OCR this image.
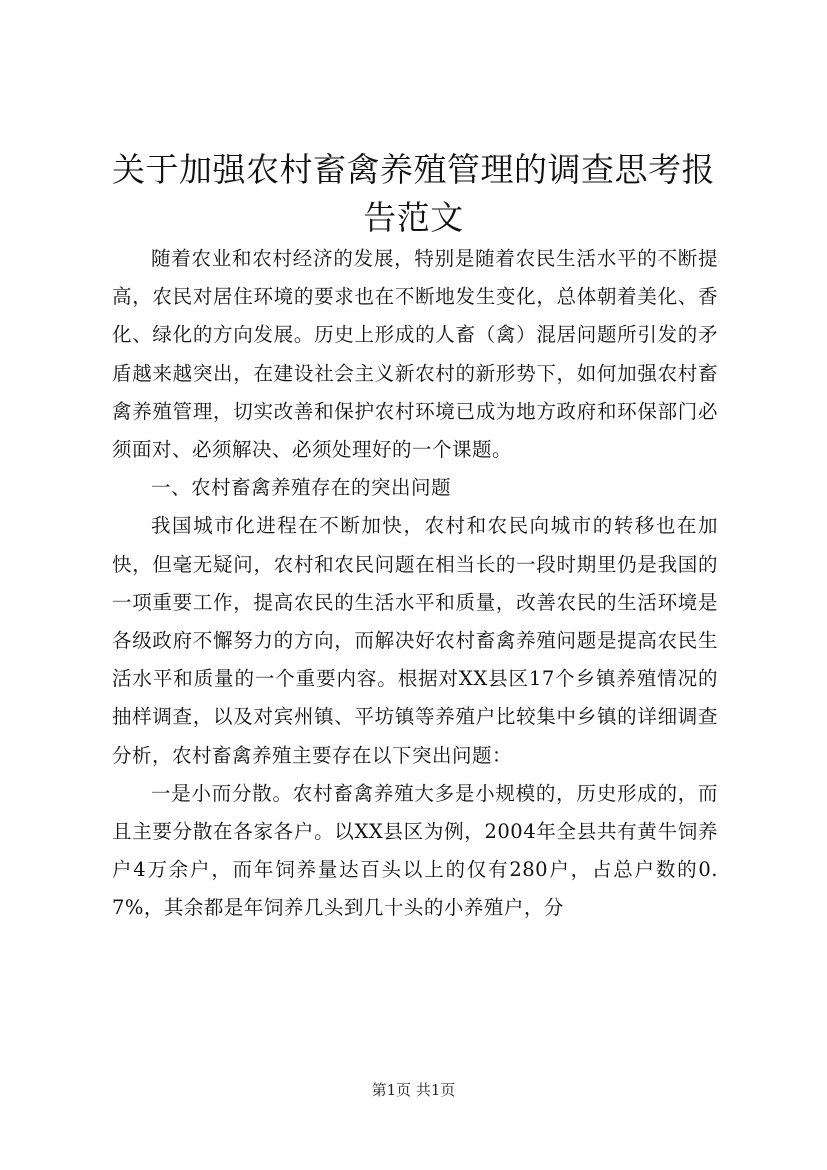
关于加强农村畜禽养殖管理的调查思考报告范文

随着农业和农村经济的发展，特别是随着农民生活水平的不断提高，农民对居住环境的要求也在不断地发生变化，总体朝着美化、香化、绿化的方向发展。历史上形成的人畜（禽）混居问题所引发的矛盾越来越突出，在建设社会主义新农村的新形势下，如何加强农村畜禽养殖管理，切实改善和保护农村环境已成为地方政府和环保部门必须面对、必须解决、必须处理好的一个课题。

一、农村畜禽养殖存在的突出问题

我国城市化进程在不断加快，农村和农民向城市的转移也在加快，但毫无疑问，农村和农民问题在相当长的一段时期里仍是我国的一项重要工作，提高农民的生活水平和质量，改善农民的生活环境是各级政府不懈努力的方向，而解决好农村畜禽养殖问题是提高农民生活水平和质量的一个重要内容。根据对XX县区17个乡镇养殖情况的抽样调查，以及对宾州镇、平坊镇等养殖户比较集中乡镇的详细调查分析，农村畜禽养殖主要存在以下突出问题：

一是小而分散。农村畜禽养殖大多是小规模的，历史形成的，而且主要分散在各家各户。以XX县区为例，2004年全县共有黄牛饲养户4万余户，而年饲养量达百头以上的仅有280户，占总户数的0.7%，其余都是年饲养几头到几十头的小养殖户，分

第1页 共1页
